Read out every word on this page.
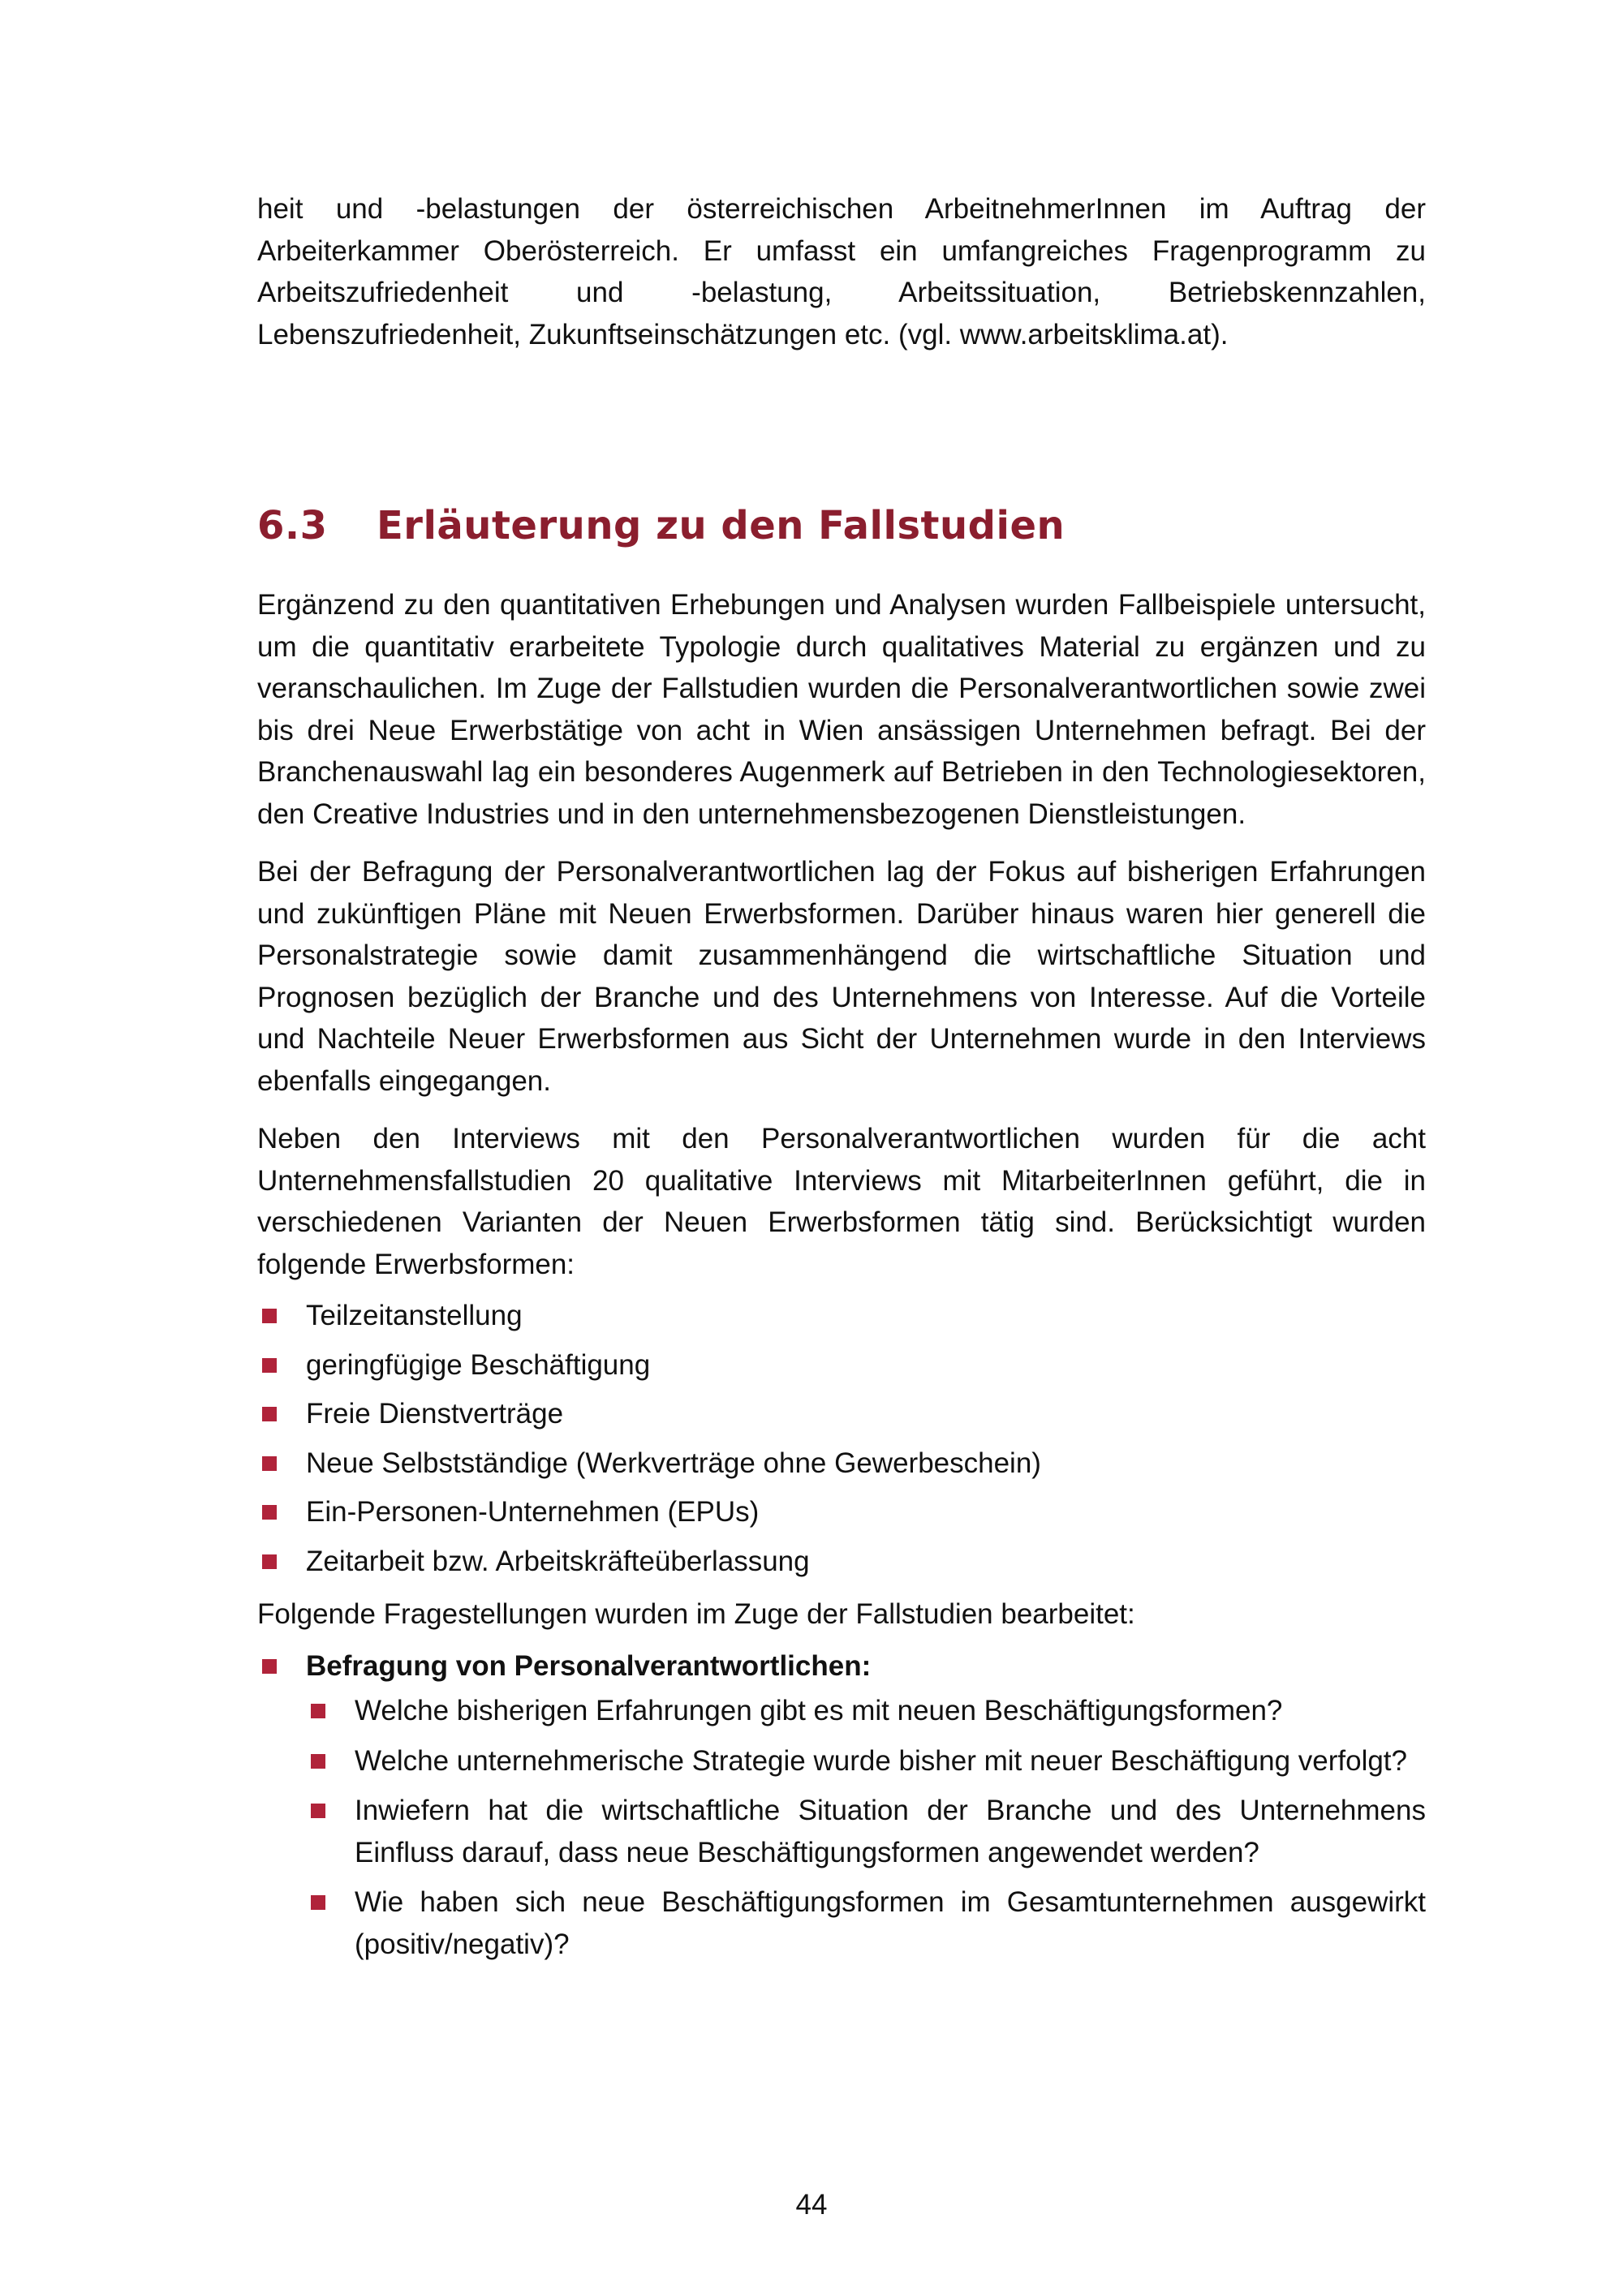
heit und -belastungen der österreichischen ArbeitnehmerInnen im Auftrag der Arbeiterkammer Oberösterreich. Er umfasst ein umfangreiches Fragenprogramm zu Arbeitszufriedenheit und -belastung, Arbeitssituation, Betriebskennzahlen, Lebenszufriedenheit, Zukunftseinschätzungen etc. (vgl. www.arbeitsklima.at).

6.3 Erläuterung zu den Fallstudien

Ergänzend zu den quantitativen Erhebungen und Analysen wurden Fallbeispiele untersucht, um die quantitativ erarbeitete Typologie durch qualitatives Material zu ergänzen und zu veranschaulichen. Im Zuge der Fallstudien wurden die Personalverantwortlichen sowie zwei bis drei Neue Erwerbstätige von acht in Wien ansässigen Unternehmen befragt. Bei der Branchenauswahl lag ein besonderes Augenmerk auf Betrieben in den Technologiesektoren, den Creative Industries und in den unternehmensbezogenen Dienstleistungen.

Bei der Befragung der Personalverantwortlichen lag der Fokus auf bisherigen Erfahrungen und zukünftigen Pläne mit Neuen Erwerbsformen. Darüber hinaus waren hier generell die Personalstrategie sowie damit zusammenhängend die wirtschaftliche Situation und Prognosen bezüglich der Branche und des Unternehmens von Interesse. Auf die Vorteile und Nachteile Neuer Erwerbsformen aus Sicht der Unternehmen wurde in den Interviews ebenfalls eingegangen.

Neben den Interviews mit den Personalverantwortlichen wurden für die acht Unternehmensfallstudien 20 qualitative Interviews mit MitarbeiterInnen geführt, die in verschiedenen Varianten der Neuen Erwerbsformen tätig sind. Berücksichtigt wurden folgende Erwerbsformen:

Teilzeitanstellung
geringfügige Beschäftigung
Freie Dienstverträge
Neue Selbstständige (Werkverträge ohne Gewerbeschein)
Ein-Personen-Unternehmen (EPUs)
Zeitarbeit bzw. Arbeitskräfteüberlassung

Folgende Fragestellungen wurden im Zuge der Fallstudien bearbeitet:

Befragung von Personalverantwortlichen:
Welche bisherigen Erfahrungen gibt es mit neuen Beschäftigungsformen?
Welche unternehmerische Strategie wurde bisher mit neuer Beschäftigung verfolgt?
Inwiefern hat die wirtschaftliche Situation der Branche und des Unternehmens Einfluss darauf, dass neue Beschäftigungsformen angewendet werden?
Wie haben sich neue Beschäftigungsformen im Gesamtunternehmen ausgewirkt (positiv/negativ)?
44
